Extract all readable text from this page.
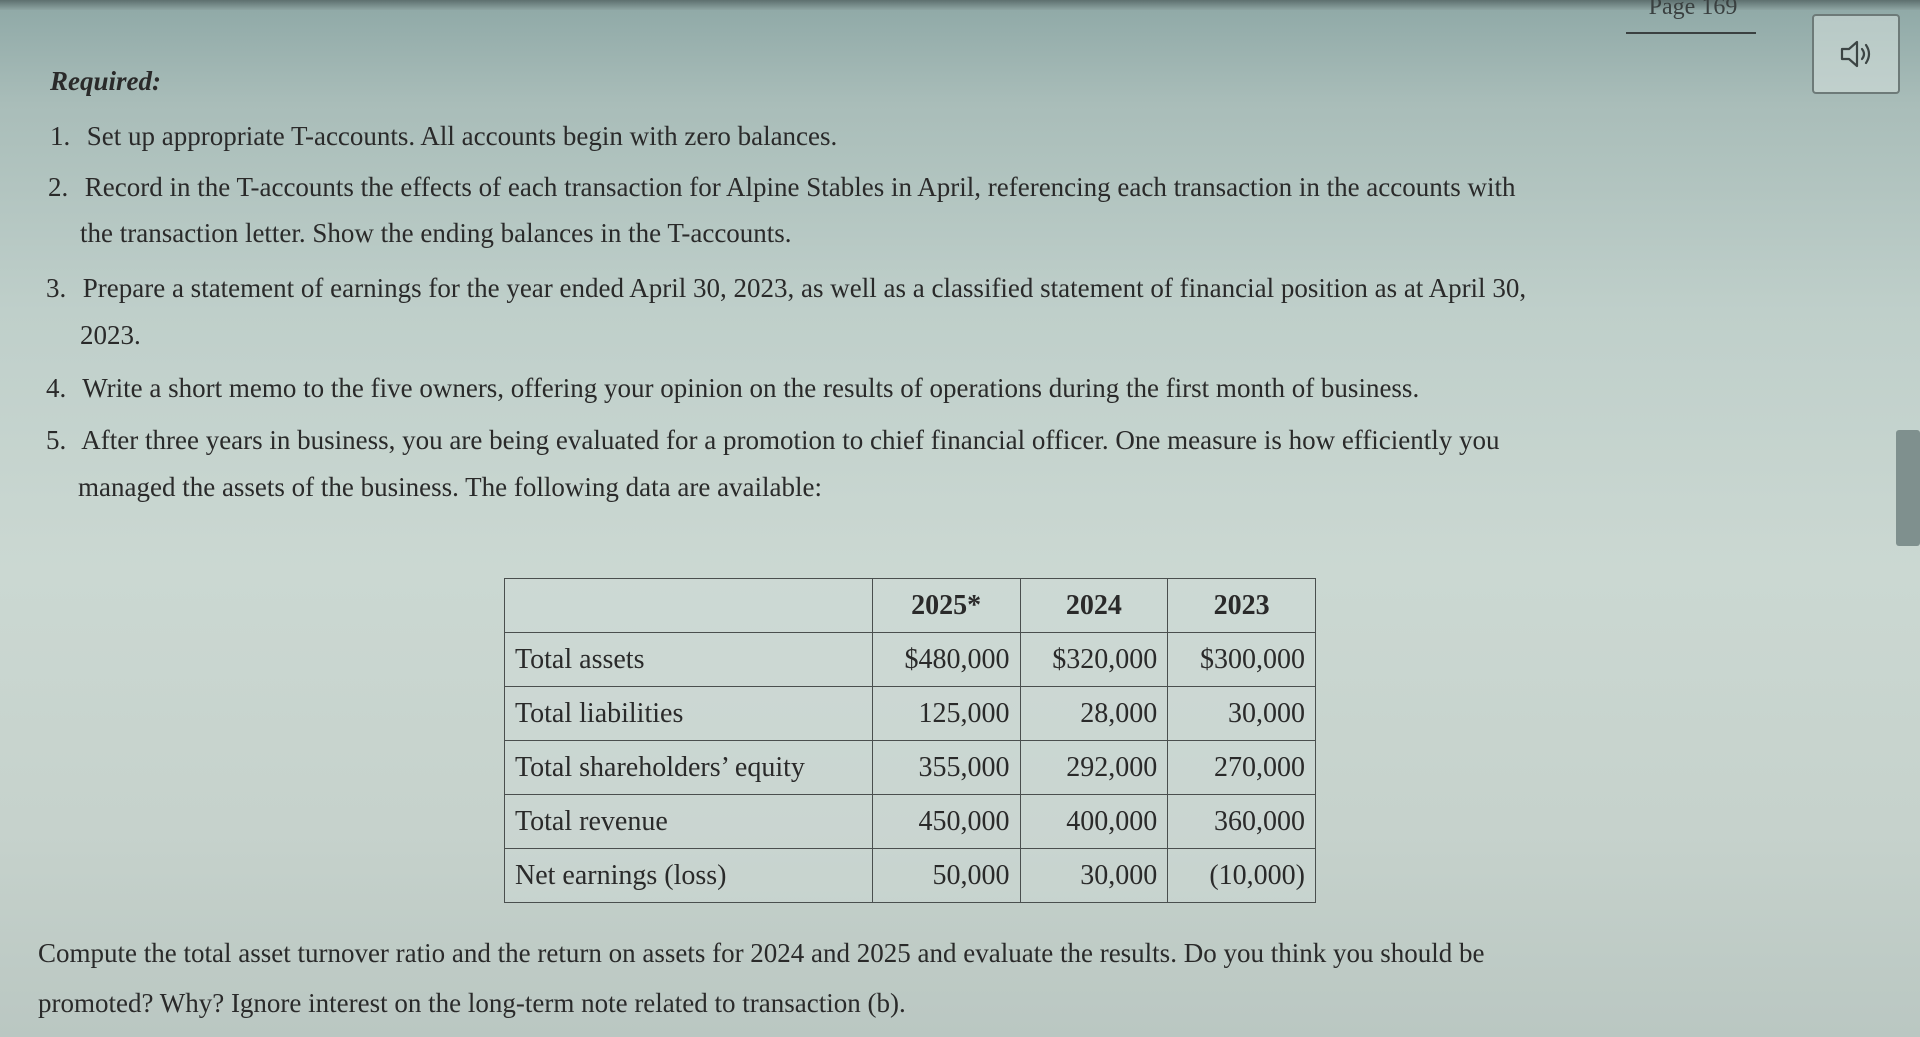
Page 169
Required:
1. Set up appropriate T-accounts. All accounts begin with zero balances.
2. Record in the T-accounts the effects of each transaction for Alpine Stables in April, referencing each transaction in the accounts with
the transaction letter. Show the ending balances in the T-accounts.
3. Prepare a statement of earnings for the year ended April 30, 2023, as well as a classified statement of financial position as at April 30,
2023.
4. Write a short memo to the five owners, offering your opinion on the results of operations during the first month of business.
5. After three years in business, you are being evaluated for a promotion to chief financial officer. One measure is how efficiently you
managed the assets of the business. The following data are available:
	2025*	2024	2023
Total assets	$480,000	$320,000	$300,000
Total liabilities	125,000	28,000	30,000
Total shareholders’ equity	355,000	292,000	270,000
Total revenue	450,000	400,000	360,000
Net earnings (loss)	50,000	30,000	(10,000)
Compute the total asset turnover ratio and the return on assets for 2024 and 2025 and evaluate the results. Do you think you should be
promoted? Why? Ignore interest on the long-term note related to transaction (b).
